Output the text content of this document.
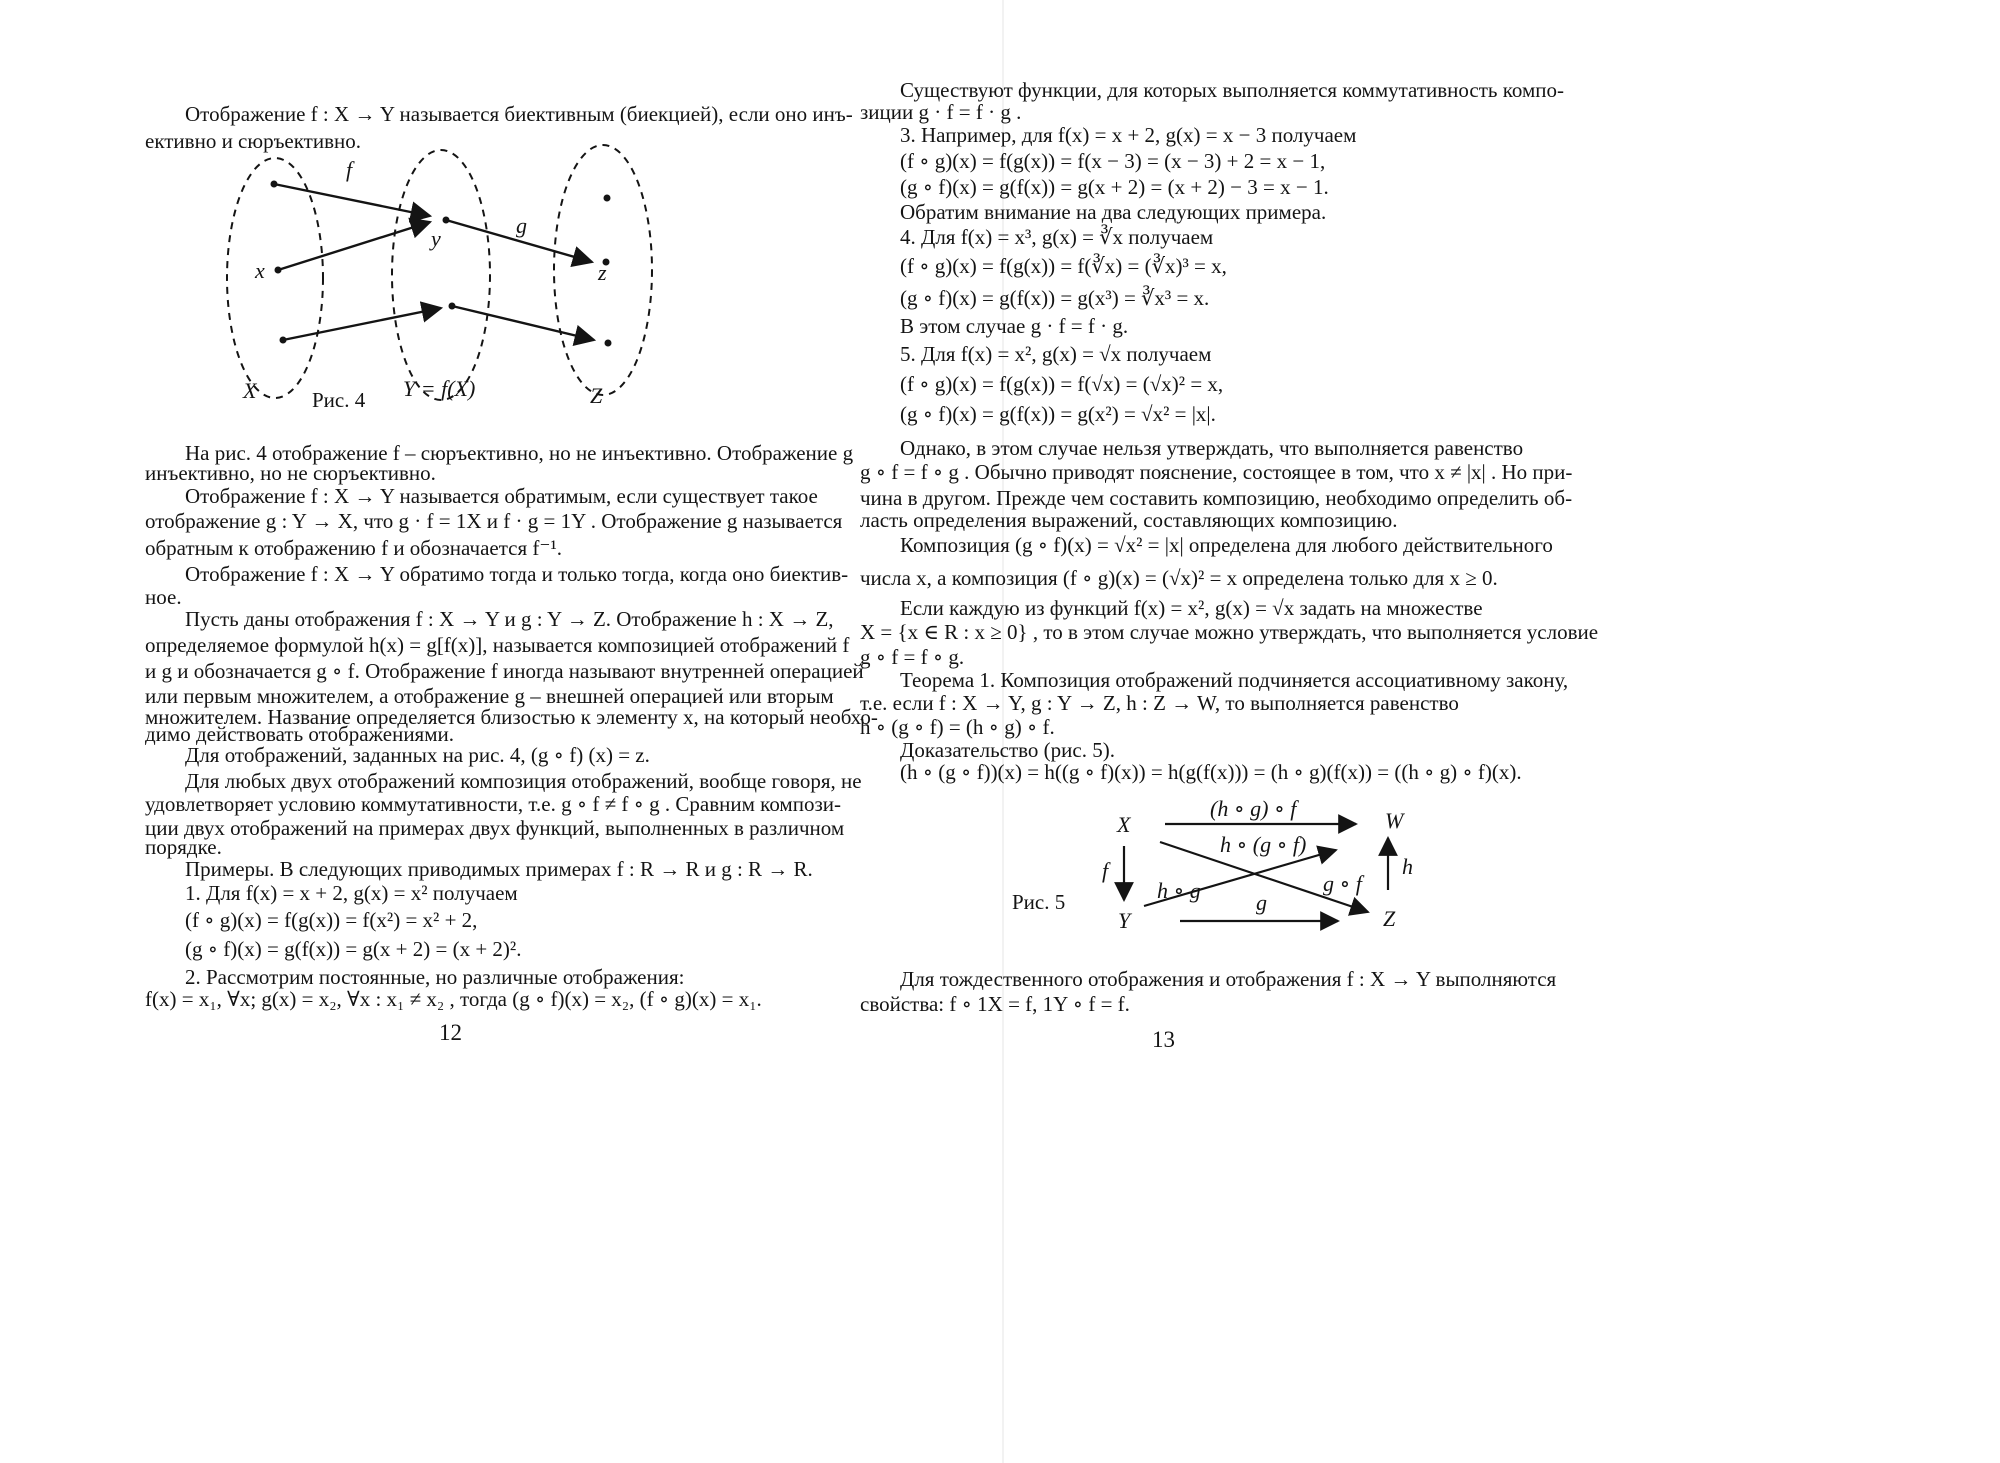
Отображение f : X → Y называется биективным (биекцией), если оно инъ-
ективно и сюръективно.
f
g
x
y
z
X	Y = f(X)	Z
Рис. 4
На рис. 4 отображение f – сюръективно, но не инъективно. Отображение g
инъективно, но не сюръективно.
Отображение f : X → Y называется обратимым, если существует такое
отображение g : Y → X, что g · f = 1X и f · g = 1Y . Отображение g называется
обратным к отображению f и обозначается f⁻¹.
Отображение f : X → Y обратимо тогда и только тогда, когда оно биектив-
ное.
Пусть даны отображения f : X → Y и g : Y → Z. Отображение h : X → Z,
определяемое формулой h(x) = g[f(x)], называется композицией отображений f
и g и обозначается g ∘ f. Отображение f иногда называют внутренней операцией
или первым множителем, а отображение g – внешней операцией или вторым
множителем. Название определяется близостью к элементу x, на который необхо-
димо действовать отображениями.
Для отображений, заданных на рис. 4, (g ∘ f) (x) = z.
Для любых двух отображений композиция отображений, вообще говоря, не
удовлетворяет условию коммутативности, т.е. g ∘ f ≠ f ∘ g . Сравним компози-
ции двух отображений на примерах двух функций, выполненных в различном
порядке.
Примеры. В следующих приводимых примерах f : R → R и g : R → R.
1. Для f(x) = x + 2, g(x) = x² получаем
(f ∘ g)(x) = f(g(x)) = f(x²) = x² + 2,
(g ∘ f)(x) = g(f(x)) = g(x + 2) = (x + 2)².
2. Рассмотрим постоянные, но различные отображения:
f(x) = x₁, ∀x; g(x) = x₂, ∀x : x₁ ≠ x₂ , тогда (g ∘ f)(x) = x₂, (f ∘ g)(x) = x₁.
12
Существуют функции, для которых выполняется коммутативность компо-
зиции g · f = f · g .
3. Например, для f(x) = x + 2, g(x) = x − 3 получаем
(f ∘ g)(x) = f(g(x)) = f(x − 3) = (x − 3) + 2 = x − 1,
(g ∘ f)(x) = g(f(x)) = g(x + 2) = (x + 2) − 3 = x − 1.
Обратим внимание на два следующих примера.
4. Для f(x) = x³, g(x) = ∛x получаем
(f ∘ g)(x) = f(g(x)) = f(∛x) = (∛x)³ = x,
(g ∘ f)(x) = g(f(x)) = g(x³) = ∛x³ = x.
В этом случае g · f = f · g.
5. Для f(x) = x², g(x) = √x получаем
(f ∘ g)(x) = f(g(x)) = f(√x) = (√x)² = x,
(g ∘ f)(x) = g(f(x)) = g(x²) = √x² = |x|.
Однако, в этом случае нельзя утверждать, что выполняется равенство
g ∘ f = f ∘ g . Обычно приводят пояснение, состоящее в том, что x ≠ |x| . Но при-
чина в другом. Прежде чем составить композицию, необходимо определить об-
ласть определения выражений, составляющих композицию.
Композиция (g ∘ f)(x) = √x² = |x| определена для любого действительного
числа x, а композиция (f ∘ g)(x) = (√x)² = x определена только для x ≥ 0.
Если каждую из функций f(x) = x², g(x) = √x задать на множестве
X = {x ∈ R : x ≥ 0} , то в этом случае можно утверждать, что выполняется условие
g ∘ f = f ∘ g.
Теорема 1. Композиция отображений подчиняется ассоциативному закону,
т.е. если f : X → Y, g : Y → Z, h : Z → W, то выполняется равенство
h ∘ (g ∘ f) = (h ∘ g) ∘ f.
Доказательство (рис. 5).
(h ∘ (g ∘ f))(x) = h((g ∘ f)(x)) = h(g(f(x))) = (h ∘ g)(f(x)) = ((h ∘ g) ∘ f)(x).
X	W
Y	Z
(h ∘ g) ∘ f
h ∘ (g ∘ f)
f	h
h ∘ g	g ∘ f
g
Рис. 5
Для тождественного отображения и отображения f : X → Y выполняются
свойства: f ∘ 1X = f, 1Y ∘ f = f.
13
